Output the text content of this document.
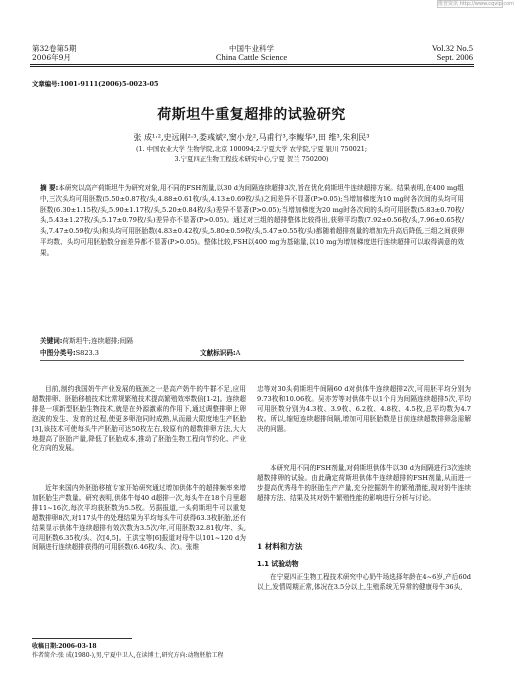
维普资讯 http://www.cqvip.com
第32卷第5期
2006年9月
中国牛业科学
China Cattle Science
Vol.32 No.5
Sept. 2006
文章编号:1001-9111(2006)5-0023-05
荷斯坦牛重复超排的试验研究
张 成¹·²,史远刚²·³,娄彧斌²,窦小龙²,马甫行³,李鳆华³,田 维³,朱利民³
(1. 中国农业大学 生物学院,北京 100094;2.宁夏大学 农学院,宁夏 银川 750021;
3.宁夏四正生物工程技术研究中心,宁夏 贺兰 750200)
摘 要:本研究以高产荷斯坦牛为研究对象,用不同的FSH剂量,以30 d为间隔连续超排3次,旨在优化荷斯坦牛连续超排方案。结果表明,在400 mg组中,三次头均可用胚数(5.50±0.87枚/头,4.88±0.61枚/头,4.13±0.69枚/头)之间差异不显著(P>0.05);当增加梯度为10 mg时各次间的头均可用胚数(6.30±1.15枚/头,5.90±1.17枚/头,5.20±0.84枚/头)差异不显著(P>0.05);当增加梯度为20 mg时各次间的头均可用胚数(5.83±0.70枚/头,5.43±1.27枚/头,5.17±0.79枚/头)差异亦不显著(P>0.05)。通过对三组的超排整体比较得出,获卵平均数(7.92±0.56枚/头,7.96±0.65枚/头,7.47±0.59枚/头)和头均可用胚胎数(4.83±0.42枚/头,5.80±0.59枚/头,5.47±0.55枚/头)都随着超排剂量的增加先升高后降低,三组之间获卵平均数、头均可用胚胎数分面差异都不显著(P>0.05)。整体比较,FSH以400 mg为基础量,以10 mg为增加梯度进行连续超排可以取得满意的效果。
关键词:荷斯坦牛;连续超排;间隔
中图分类号:S823.3	文献标识码:A
目前,制约我国奶牛产业发展的瓶颈之一是高产奶牛的牛群不足,应用超数排卵、胚胎移植技术比常规繁殖技术提高繁殖效率数倍[1-2]。连续超排是一项新型胚胎生物技术,就是在外源激素的作用下,通过调整排卵上卵泡波的发生、发育的过程,使更多卵泡同时成熟,从而最大限度地生产胚胎[3],该技术可使每头牛产胚胎可达50枚左右,较原有的超数排卵方法,大大地提高了胚胎产量,降低了胚胎成本,推动了胚胎生物工程向节约化、产业化方向的发展。
近年来国内外胚胎移植专家开始研究通过增加供体牛的超排频率来增加胚胎生产数量。研究表明,供体牛每40 d超排一次,每头牛在18个月里超排11~16次,每次平均获胚数为5.5枚。另据报道,一头荷斯坦牛可以重复超数排卵8次,对117头牛的处理结果为平均每头牛可获得63.3枚胚胎,还有结果显示供体牛连续超排有效次数为3.5次/年,可用胚数32.81枚/年、头,可用胚数6.35枚/头、次[4,5]。王洪宝等[6]报道对母牛以101~120 d为间隔进行连续超排获得的可用胚数(6.46枚/头、次)。张维
忠等对30头荷斯坦牛间隔60 d对供体牛连续超排2次,可用胚平均分别为9.73枚和10.06枚。吴亦芳等对供体牛以1个月为间隔连续超排5次,平均可用胚数分别为4.3枚、3.9枚、6.2枚、4.8枚、4.5枚,总平均数为4.7枚。所以,缩短连续超排间隔,增加可用胚胎数是目前连续超数排卵急需解决的问题。
本研究用不同的FSH剂量,对荷斯坦供体牛以30 d为间隔进行3次连续超数排卵的试验。由此确定荷斯坦供体牛连续超排的FSH剂量,从而进一步提高优秀母牛的胚胎生产产量,充分挖掘奶牛的繁殖潜能,现对奶牛连续超排方法、结果及其对奶牛繁殖性能的影响进行分析与讨论。
1 材料和方法
1.1 试验动物
在宁夏四正生物工程技术研究中心奶牛场选择年龄在4~6岁,产后60d以上,发情周期正常,体况在3.5分以上,生殖系统无异常的健康母牛36头,
收稿日期:2006-03-18
作者简介:张 成(1980-),男,宁夏中卫人,在读博士,研究方向:动物胚胎工程
